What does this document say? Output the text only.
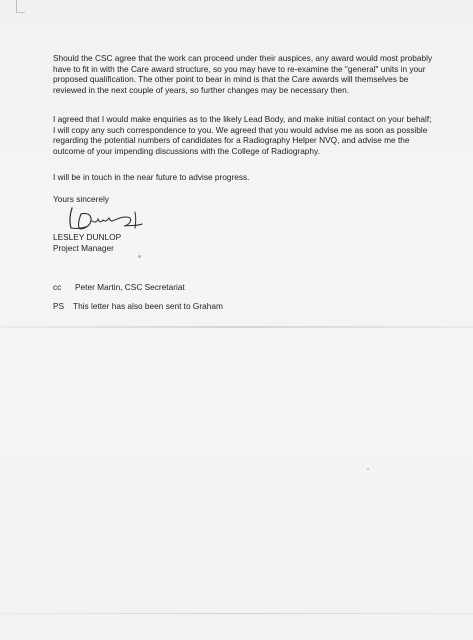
Should the CSC agree that the work can proceed under their auspices, any award would most probably have to fit in with the Care award structure, so you may have to re-examine the "general" units in your proposed qualification. The other point to bear in mind is that the Care awards will themselves be reviewed in the next couple of years, so further changes may be necessary then.

I agreed that I would make enquiries as to the likely Lead Body, and make initial contact on your behalf; I will copy any such correspondence to you. We agreed that you would advise me as soon as possible regarding the potential numbers of candidates for a Radiography Helper NVQ, and advise me the outcome of your impending discussions with the College of Radiography.

I will be in touch in the near future to advise progress.

Yours sincerely
LESLEY DUNLOP
Project Manager
cc Peter Martin, CSC Secretariat
PS This letter has also been sent to Graham
